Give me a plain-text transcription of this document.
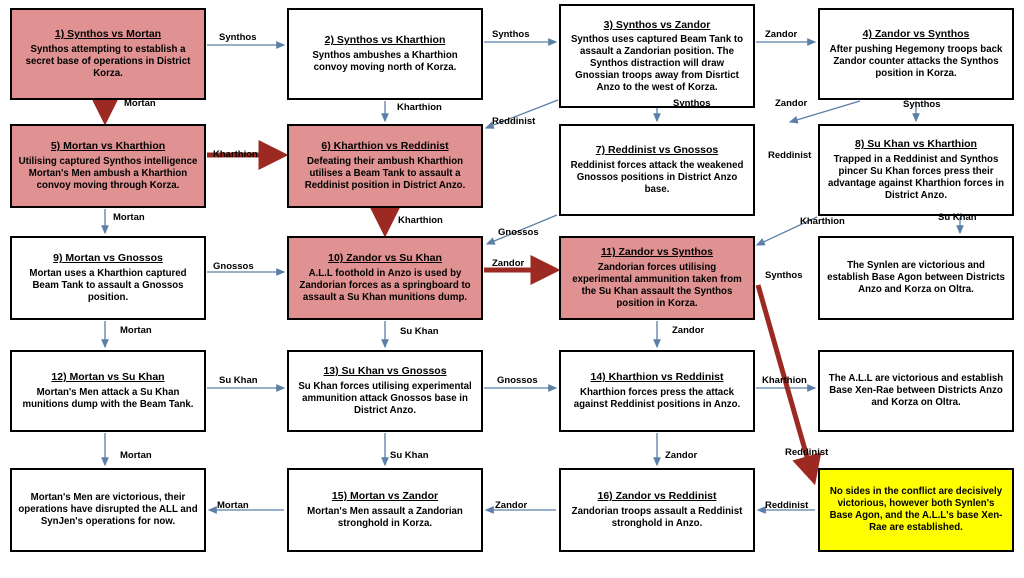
1) Synthos vs Mortan
Synthos attempting to establish a secret base of operations in District Korza.
2) Synthos vs Kharthion
Synthos ambushes a Kharthion convoy moving north of Korza.
3) Synthos vs Zandor
Synthos uses captured Beam Tank to assault a Zandorian position. The Synthos distraction will draw Gnossian troops away from Disrtict Anzo to the west of Korza.
4) Zandor vs Synthos
After pushing Hegemony troops back Zandor counter attacks the Synthos position in Korza.
5) Mortan vs Kharthion
Utilising captured Synthos intelligence Mortan's Men ambush a Kharthion convoy moving through Korza.
6) Kharthion vs Reddinist
Defeating their ambush Kharthion utilises a Beam Tank to assault a Reddinist position in District Anzo.
7) Reddinist vs Gnossos
Reddinist forces attack the weakened Gnossos positions in District Anzo base.
8) Su Khan vs Kharthion
Trapped in a Reddinist and Synthos pincer Su Khan forces press their advantage against Kharthion forces in District Anzo.
9) Mortan vs Gnossos
Mortan uses a Kharthion captured Beam Tank to assault a Gnossos position.
10) Zandor vs Su Khan
A.L.L foothold in Anzo is used by Zandorian forces as a springboard to assault a Su Khan munitions dump.
11) Zandor vs Synthos
Zandorian forces utilising experimental ammunition taken from the Su Khan assault the Synthos position in Korza.
The Synlen are victorious and establish Base Agon between Districts Anzo and Korza on Oltra.
12) Mortan vs Su Khan
Mortan's Men attack a Su Khan munitions dump with the Beam Tank.
13) Su Khan vs Gnossos
Su Khan forces utilising experimental ammunition attack Gnossos base in District Anzo.
14) Kharthion vs Reddinist
Kharthion forces press the attack against Reddinist positions in Anzo.
The A.L.L are victorious and establish Base Xen-Rae between Districts Anzo and Korza on Oltra.
Mortan's Men are victorious, their operations have disrupted the ALL and SynJen's operations for now.
15) Mortan vs Zandor
Mortan's Men assault a Zandorian stronghold in Korza.
16) Zandor vs Reddinist
Zandorian troops assault a Reddinist stronghold in Anzo.
No sides in the conflict are decisively victorious, however both Synlen's Base Agon, and the A.L.L's base Xen-Rae are established.
Synthos	Synthos	Zandor
Kharthion	Synthos	Zandor	Synthos
Mortan
Reddinist
Kharthion	Reddinist
Mortan	Kharthion
Gnossos
Kharthion	Su Khan
Gnossos	Zandor
Synthos
Mortan	Su Khan	Zandor
Su Khan	Gnossos	Kharthion
Mortan	Su Khan	Zandor	Reddinist
Mortan	Zandor	Reddinist
